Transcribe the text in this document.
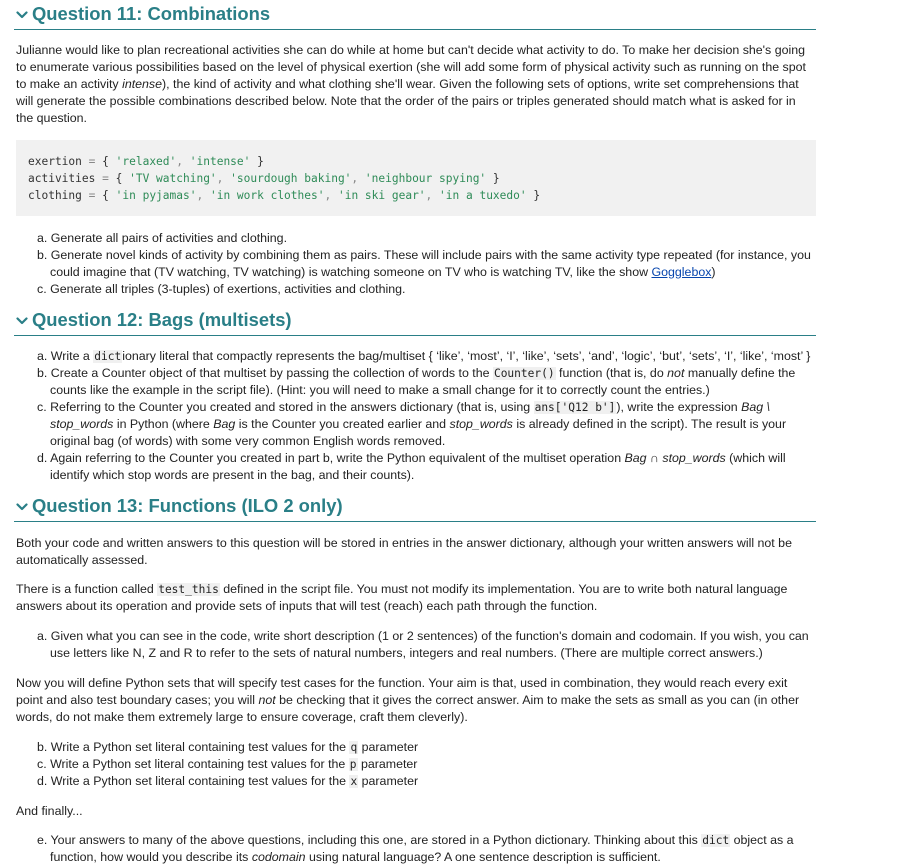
Question 11: Combinations
Julianne would like to plan recreational activities she can do while at home but can't decide what activity to do. To make her decision she's going
to enumerate various possibilities based on the level of physical exertion (she will add some form of physical activity such as running on the spot
to make an activity intense), the kind of activity and what clothing she'll wear. Given the following sets of options, write set comprehensions that
will generate the possible combinations described below. Note that the order of the pairs or triples generated should match what is asked for in
the question.
exertion = { 'relaxed', 'intense' }
activities = { 'TV watching', 'sourdough baking', 'neighbour spying' }
clothing = { 'in pyjamas', 'in work clothes', 'in ski gear', 'in a tuxedo' }
a. Generate all pairs of activities and clothing.
b. Generate novel kinds of activity by combining them as pairs. These will include pairs with the same activity type repeated (for instance, you
could imagine that (TV watching, TV watching) is watching someone on TV who is watching TV, like the show Gogglebox)
c. Generate all triples (3-tuples) of exertions, activities and clothing.
Question 12: Bags (multisets)
a. Write a dictionary literal that compactly represents the bag/multiset { ‘like’, ‘most’, ‘I’, ‘like’, ‘sets’, ‘and’, ‘logic’, ‘but’, ‘sets’, ‘I’, ‘like’, ‘most’ }
b. Create a Counter object of that multiset by passing the collection of words to the Counter() function (that is, do not manually define the
counts like the example in the script file). (Hint: you will need to make a small change for it to correctly count the entries.)
c. Referring to the Counter you created and stored in the answers dictionary (that is, using ans['Q12 b']), write the expression Bag \
stop_words in Python (where Bag is the Counter you created earlier and stop_words is already defined in the script). The result is your
original bag (of words) with some very common English words removed.
d. Again referring to the Counter you created in part b, write the Python equivalent of the multiset operation Bag ∩ stop_words (which will
identify which stop words are present in the bag, and their counts).
Question 13: Functions (ILO 2 only)
Both your code and written answers to this question will be stored in entries in the answer dictionary, although your written answers will not be
automatically assessed.
There is a function called test_this defined in the script file. You must not modify its implementation. You are to write both natural language
answers about its operation and provide sets of inputs that will test (reach) each path through the function.
a. Given what you can see in the code, write short description (1 or 2 sentences) of the function's domain and codomain. If you wish, you can
use letters like N, Z and R to refer to the sets of natural numbers, integers and real numbers. (There are multiple correct answers.)
Now you will define Python sets that will specify test cases for the function. Your aim is that, used in combination, they would reach every exit
point and also test boundary cases; you will not be checking that it gives the correct answer. Aim to make the sets as small as you can (in other
words, do not make them extremely large to ensure coverage, craft them cleverly).
b. Write a Python set literal containing test values for the q parameter
c. Write a Python set literal containing test values for the p parameter
d. Write a Python set literal containing test values for the x parameter
And finally...
e. Your answers to many of the above questions, including this one, are stored in a Python dictionary. Thinking about this dict object as a
function, how would you describe its codomain using natural language? A one sentence description is sufficient.
